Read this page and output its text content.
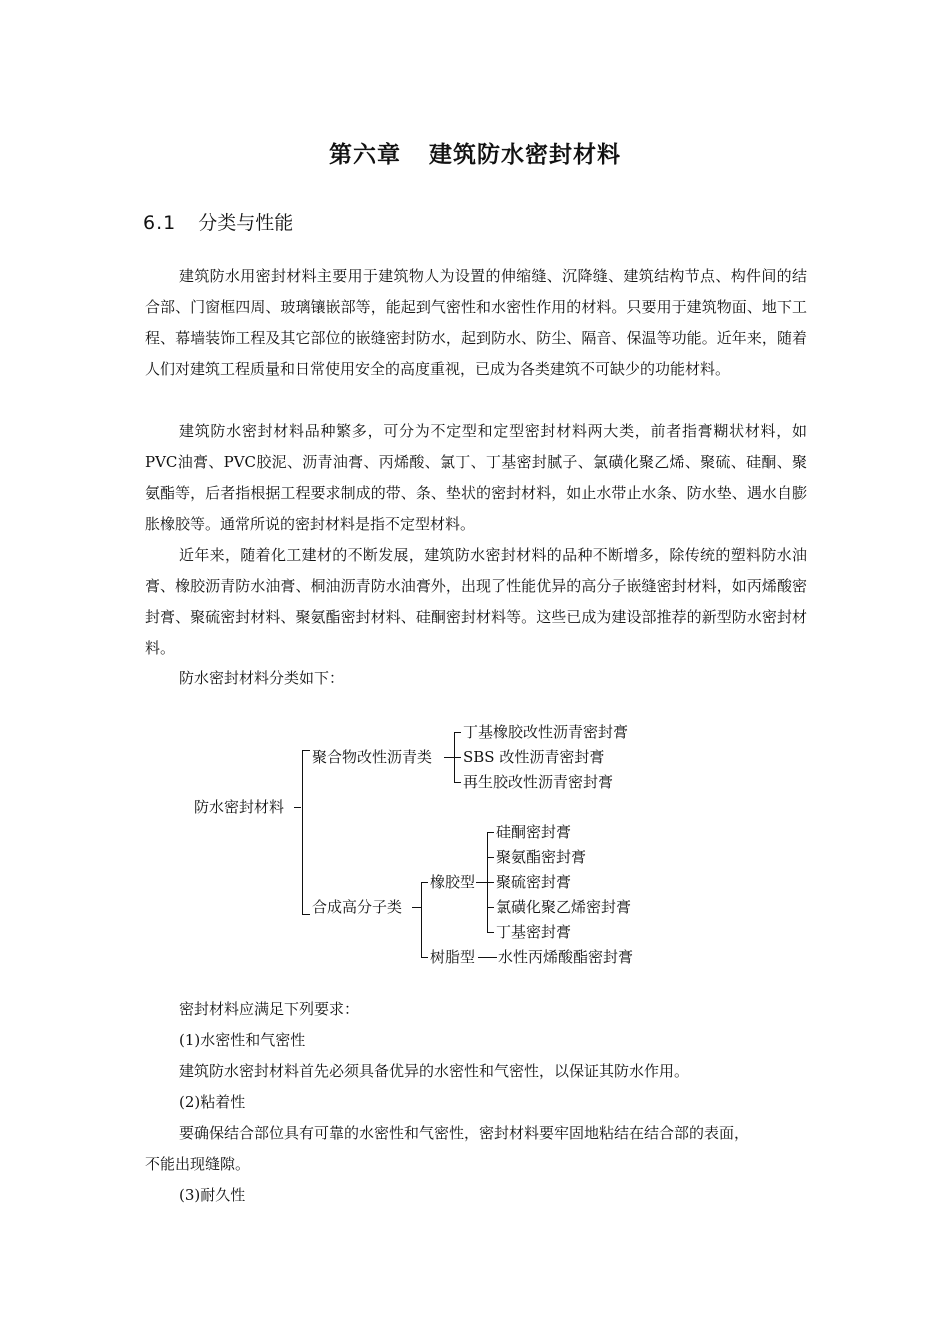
第六章 建筑防水密封材料
6.1 分类与性能

建筑防水用密封材料主要用于建筑物人为设置的伸缩缝、沉降缝、建筑结构节点、构件间的结合部、门窗框四周、玻璃镶嵌部等，能起到气密性和水密性作用的材料。只要用于建筑物面、地下工程、幕墙装饰工程及其它部位的嵌缝密封防水，起到防水、防尘、隔音、保温等功能。近年来，随着人们对建筑工程质量和日常使用安全的高度重视，已成为各类建筑不可缺少的功能材料。

建筑防水密封材料品种繁多，可分为不定型和定型密封材料两大类，前者指膏糊状材料，如PVC油膏、PVC胶泥、沥青油膏、丙烯酸、氯丁、丁基密封腻子、氯磺化聚乙烯、聚硫、硅酮、聚氨酯等，后者指根据工程要求制成的带、条、垫状的密封材料，如止水带止水条、防水垫、遇水自膨胀橡胶等。通常所说的密封材料是指不定型材料。

近年来，随着化工建材的不断发展，建筑防水密封材料的品种不断增多，除传统的塑料防水油膏、橡胶沥青防水油膏、桐油沥青防水油膏外，出现了性能优异的高分子嵌缝密封材料，如丙烯酸密封膏、聚硫密封材料、聚氨酯密封材料、硅酮密封材料等。这些已成为建设部推荐的新型防水密封材料。

防水密封材料分类如下：
防水密封材料
聚合物改性沥青类
丁基橡胶改性沥青密封膏
SBS 改性沥青密封膏
再生胶改性沥青密封膏
合成高分子类
橡胶型
硅酮密封膏
聚氨酯密封膏
聚硫密封膏
氯磺化聚乙烯密封膏
丁基密封膏
树脂型 水性丙烯酸酯密封膏
密封材料应满足下列要求：
(1)水密性和气密性
建筑防水密封材料首先必须具备优异的水密性和气密性，以保证其防水作用。
(2)粘着性
要确保结合部位具有可靠的水密性和气密性，密封材料要牢固地粘结在结合部的表面，
不能出现缝隙。
(3)耐久性
